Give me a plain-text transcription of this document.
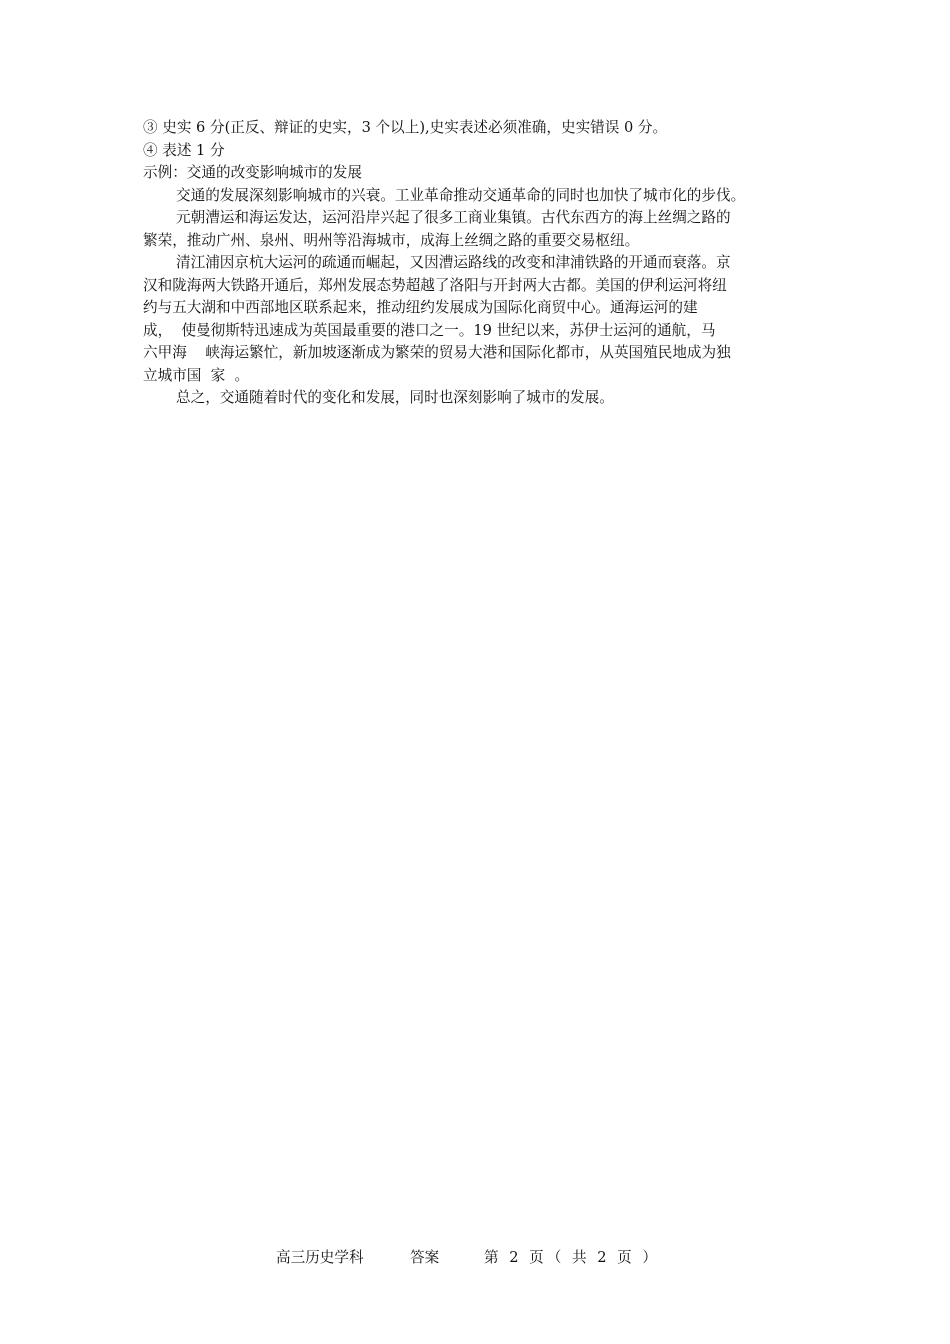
③ 史实 6 分(正反、辩证的史实，3 个以上),史实表述必须准确，史实错误 0 分。
④ 表述 1 分
示例：交通的改变影响城市的发展
交通的发展深刻影响城市的兴衰。工业革命推动交通革命的同时也加快了城市化的步伐。
元朝漕运和海运发达，运河沿岸兴起了很多工商业集镇。古代东西方的海上丝绸之路的
繁荣，推动广州、泉州、明州等沿海城市，成海上丝绸之路的重要交易枢纽。
清江浦因京杭大运河的疏通而崛起，又因漕运路线的改变和津浦铁路的开通而衰落。京
汉和陇海两大铁路开通后，郑州发展态势超越了洛阳与开封两大古都。美国的伊利运河将纽
约与五大湖和中西部地区联系起来，推动纽约发展成为国际化商贸中心。通海运河的建
成，  使曼彻斯特迅速成为英国最重要的港口之一。19 世纪以来，苏伊士运河的通航，马
六甲海    峡海运繁忙，新加坡逐渐成为繁荣的贸易大港和国际化都市，从英国殖民地成为独
立城市国  家  。
总之，交通随着时代的变化和发展，同时也深刻影响了城市的发展。
高三历史学科	答案	第 2 页（ 共 2 页 ）
